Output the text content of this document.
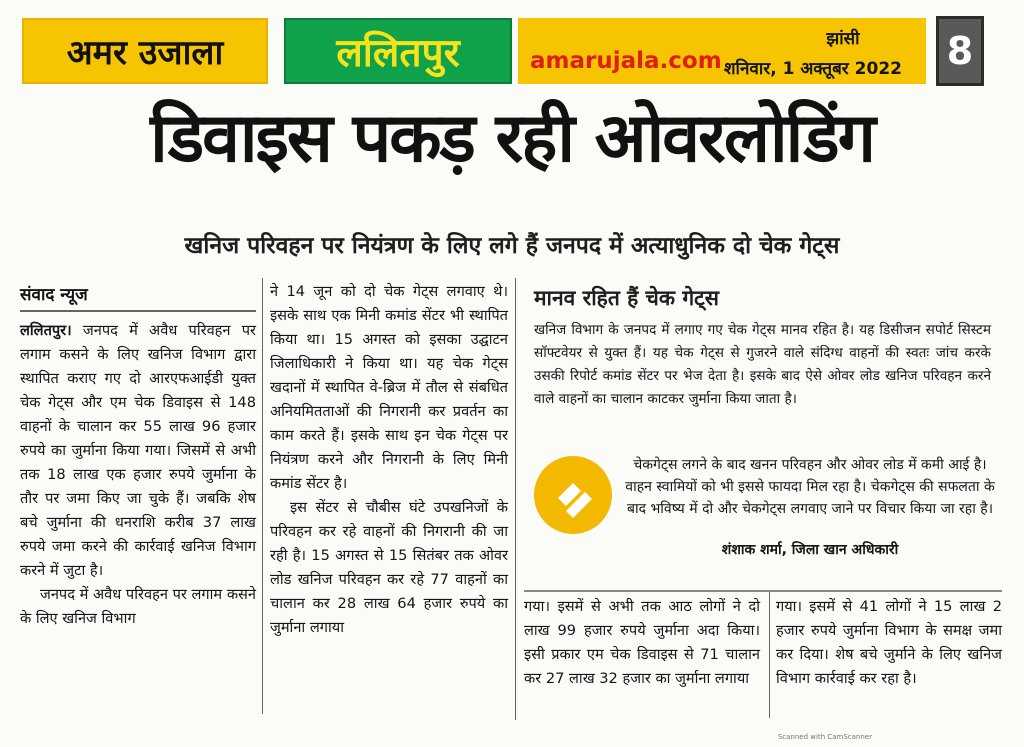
अमर उजाला	ललितपुर	amarujala.com
झांसी
शनिवार, 1 अक्तूबर 2022	8
डिवाइस पकड़ रही ओवरलोडिंग
खनिज परिवहन पर नियंत्रण के लिए लगे हैं जनपद में अत्याधुनिक दो चेक गेट्स
संवाद न्यूज
ललितपुर। जनपद में अवैध परिवहन पर लगाम कसने के लिए खनिज विभाग द्वारा स्थापित कराए गए दो आरएफआईडी युक्त चेक गेट्स और एम चेक डिवाइस से 148 वाहनों के चालान कर 55 लाख 96 हजार रुपये का जुर्माना किया गया। जिसमें से अभी तक 18 लाख एक हजार रुपये जुर्माना के तौर पर जमा किए जा चुके हैं। जबकि शेष बचे जुर्माना की धनराशि करीब 37 लाख रुपये जमा करने की कार्रवाई खनिज विभाग करने में जुटा है।
जनपद में अवैध परिवहन पर लगाम कसने के लिए खनिज विभाग
ने 14 जून को दो चेक गेट्स लगवाए थे। इसके साथ एक मिनी कमांड सेंटर भी स्थापित किया था। 15 अगस्त को इसका उद्घाटन जिलाधिकारी ने किया था। यह चेक गेट्स खदानों में स्थापित वे-ब्रिज में तौल से संबधित अनियमितताओं की निगरानी कर प्रवर्तन का काम करते हैं। इसके साथ इन चेक गेट्स पर नियंत्रण करने और निगरानी के लिए मिनी कमांड सेंटर है।
इस सेंटर से चौबीस घंटे उपखनिजों के परिवहन कर रहे वाहनों की निगरानी की जा रही है। 15 अगस्त से 15 सितंबर तक ओवर लोड खनिज परिवहन कर रहे 77 वाहनों का चालान कर 28 लाख 64 हजार रुपये का जुर्माना लगाया
मानव रहित हैं चेक गेट्स
खनिज विभाग के जनपद में लगाए गए चेक गेट्स मानव रहित है। यह डिसीजन सपोर्ट सिस्टम सॉफ्टवेयर से युक्त हैं। यह चेक गेट्स से गुजरने वाले संदिग्ध वाहनों की स्वतः जांच करके उसकी रिपोर्ट कमांड सेंटर पर भेज देता है। इसके बाद ऐसे ओवर लोड खनिज परिवहन करने वाले वाहनों का चालान काटकर जुर्माना किया जाता है।
चेकगेट्स लगने के बाद खनन परिवहन और ओवर लोड में कमी आई है। वाहन स्वामियों को भी इससे फायदा मिल रहा है। चेकगेट्स की सफलता के बाद भविष्य में दो और चेकगेट्स लगवाए जाने पर विचार किया जा रहा है।
शंशाक शर्मा, जिला खान अधिकारी
गया। इसमें से अभी तक आठ लोगों ने दो लाख 99 हजार रुपये जुर्माना अदा किया। इसी प्रकार एम चेक डिवाइस से 71 चालान कर 27 लाख 32 हजार का जुर्माना लगाया
गया। इसमें से 41 लोगों ने 15 लाख 2 हजार रुपये जुर्माना विभाग के समक्ष जमा कर दिया। शेष बचे जुर्माने के लिए खनिज विभाग कार्रवाई कर रहा है।
Scanned with CamScanner
